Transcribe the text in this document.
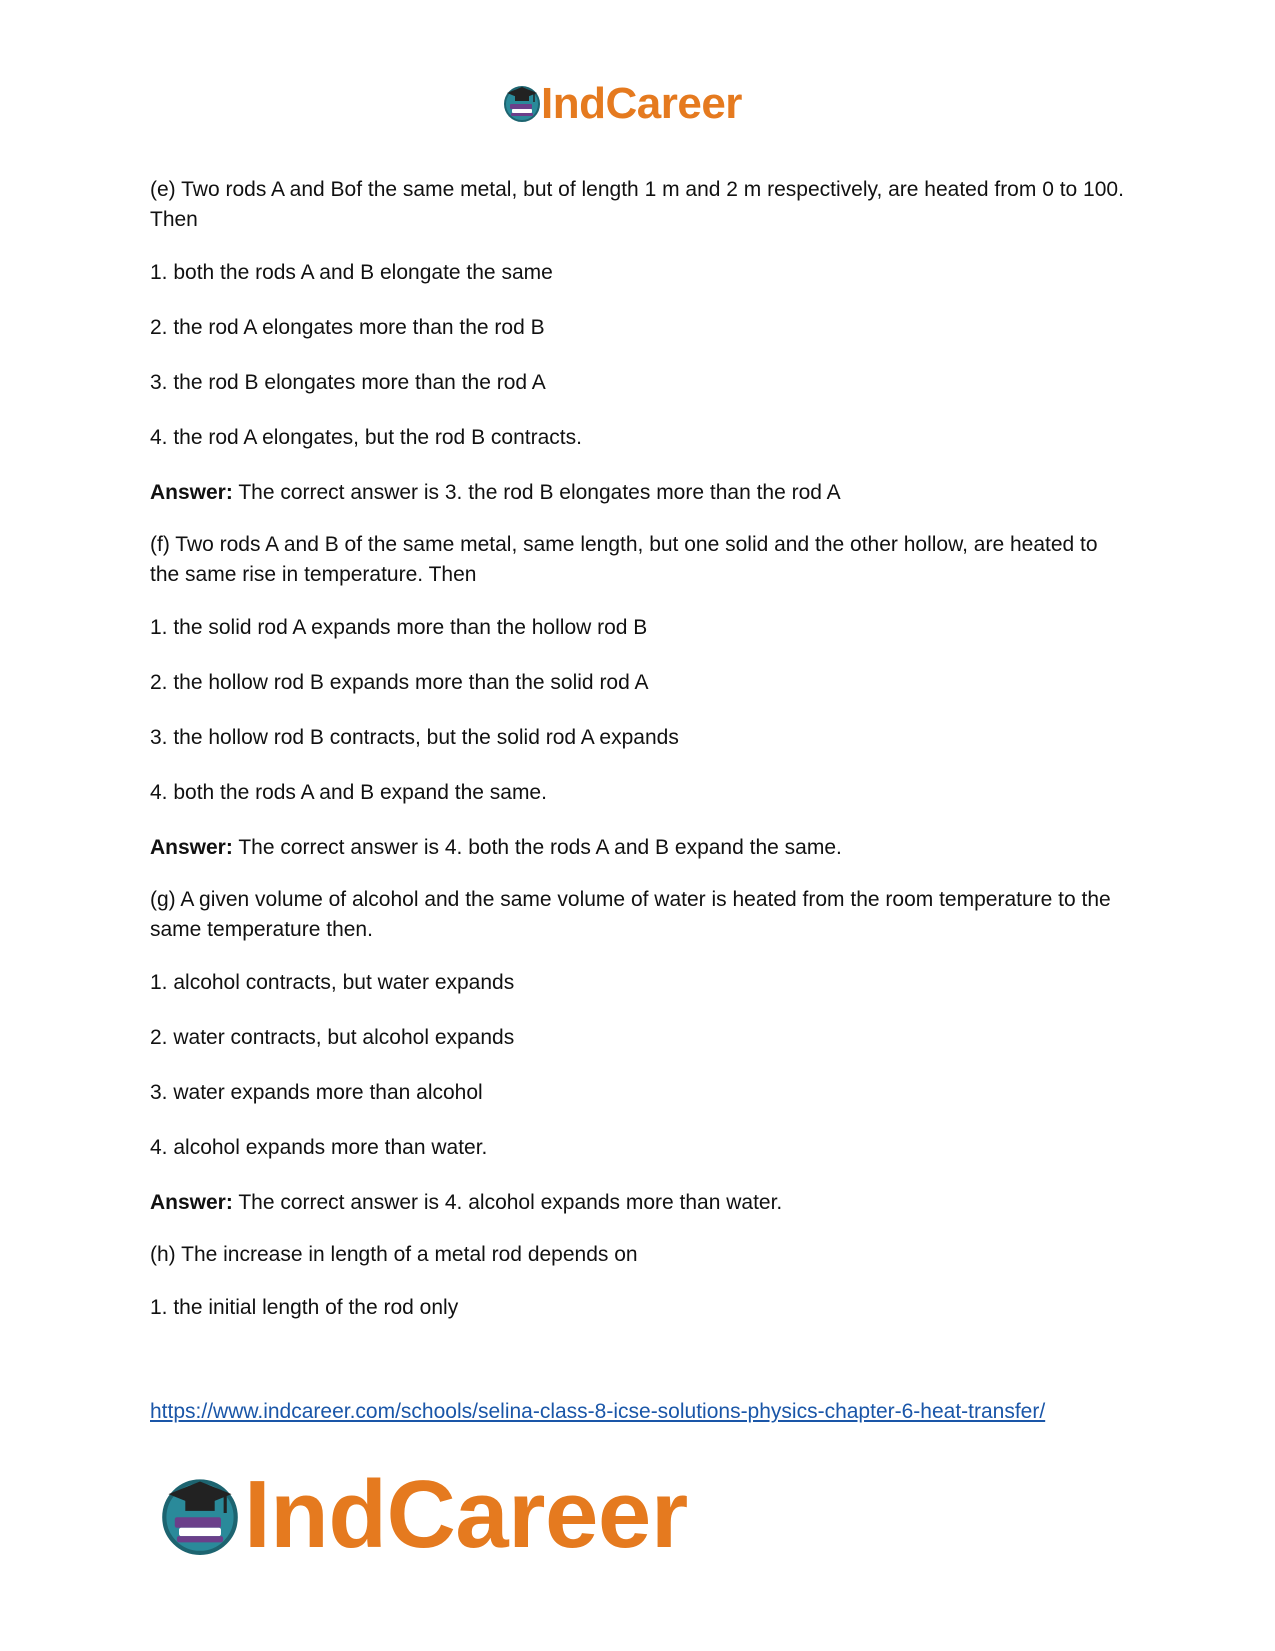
IndCareer

(e) Two rods A and Bof the same metal, but of length 1 m and 2 m respectively, are heated from 0 to 100. Then

1. both the rods A and B elongate the same

2. the rod A elongates more than the rod B

3. the rod B elongates more than the rod A

4. the rod A elongates, but the rod B contracts.

Answer: The correct answer is 3. the rod B elongates more than the rod A

(f) Two rods A and B of the same metal, same length, but one solid and the other hollow, are heated to the same rise in temperature. Then

1. the solid rod A expands more than the hollow rod B

2. the hollow rod B expands more than the solid rod A

3. the hollow rod B contracts, but the solid rod A expands

4. both the rods A and B expand the same.

Answer: The correct answer is 4. both the rods A and B expand the same.

(g) A given volume of alcohol and the same volume of water is heated from the room temperature to the same temperature then.

1. alcohol contracts, but water expands

2. water contracts, but alcohol expands

3. water expands more than alcohol

4. alcohol expands more than water.

Answer: The correct answer is 4. alcohol expands more than water.

(h) The increase in length of a metal rod depends on

1. the initial length of the rod only

https://www.indcareer.com/schools/selina-class-8-icse-solutions-physics-chapter-6-heat-transfer/
IndCareer
